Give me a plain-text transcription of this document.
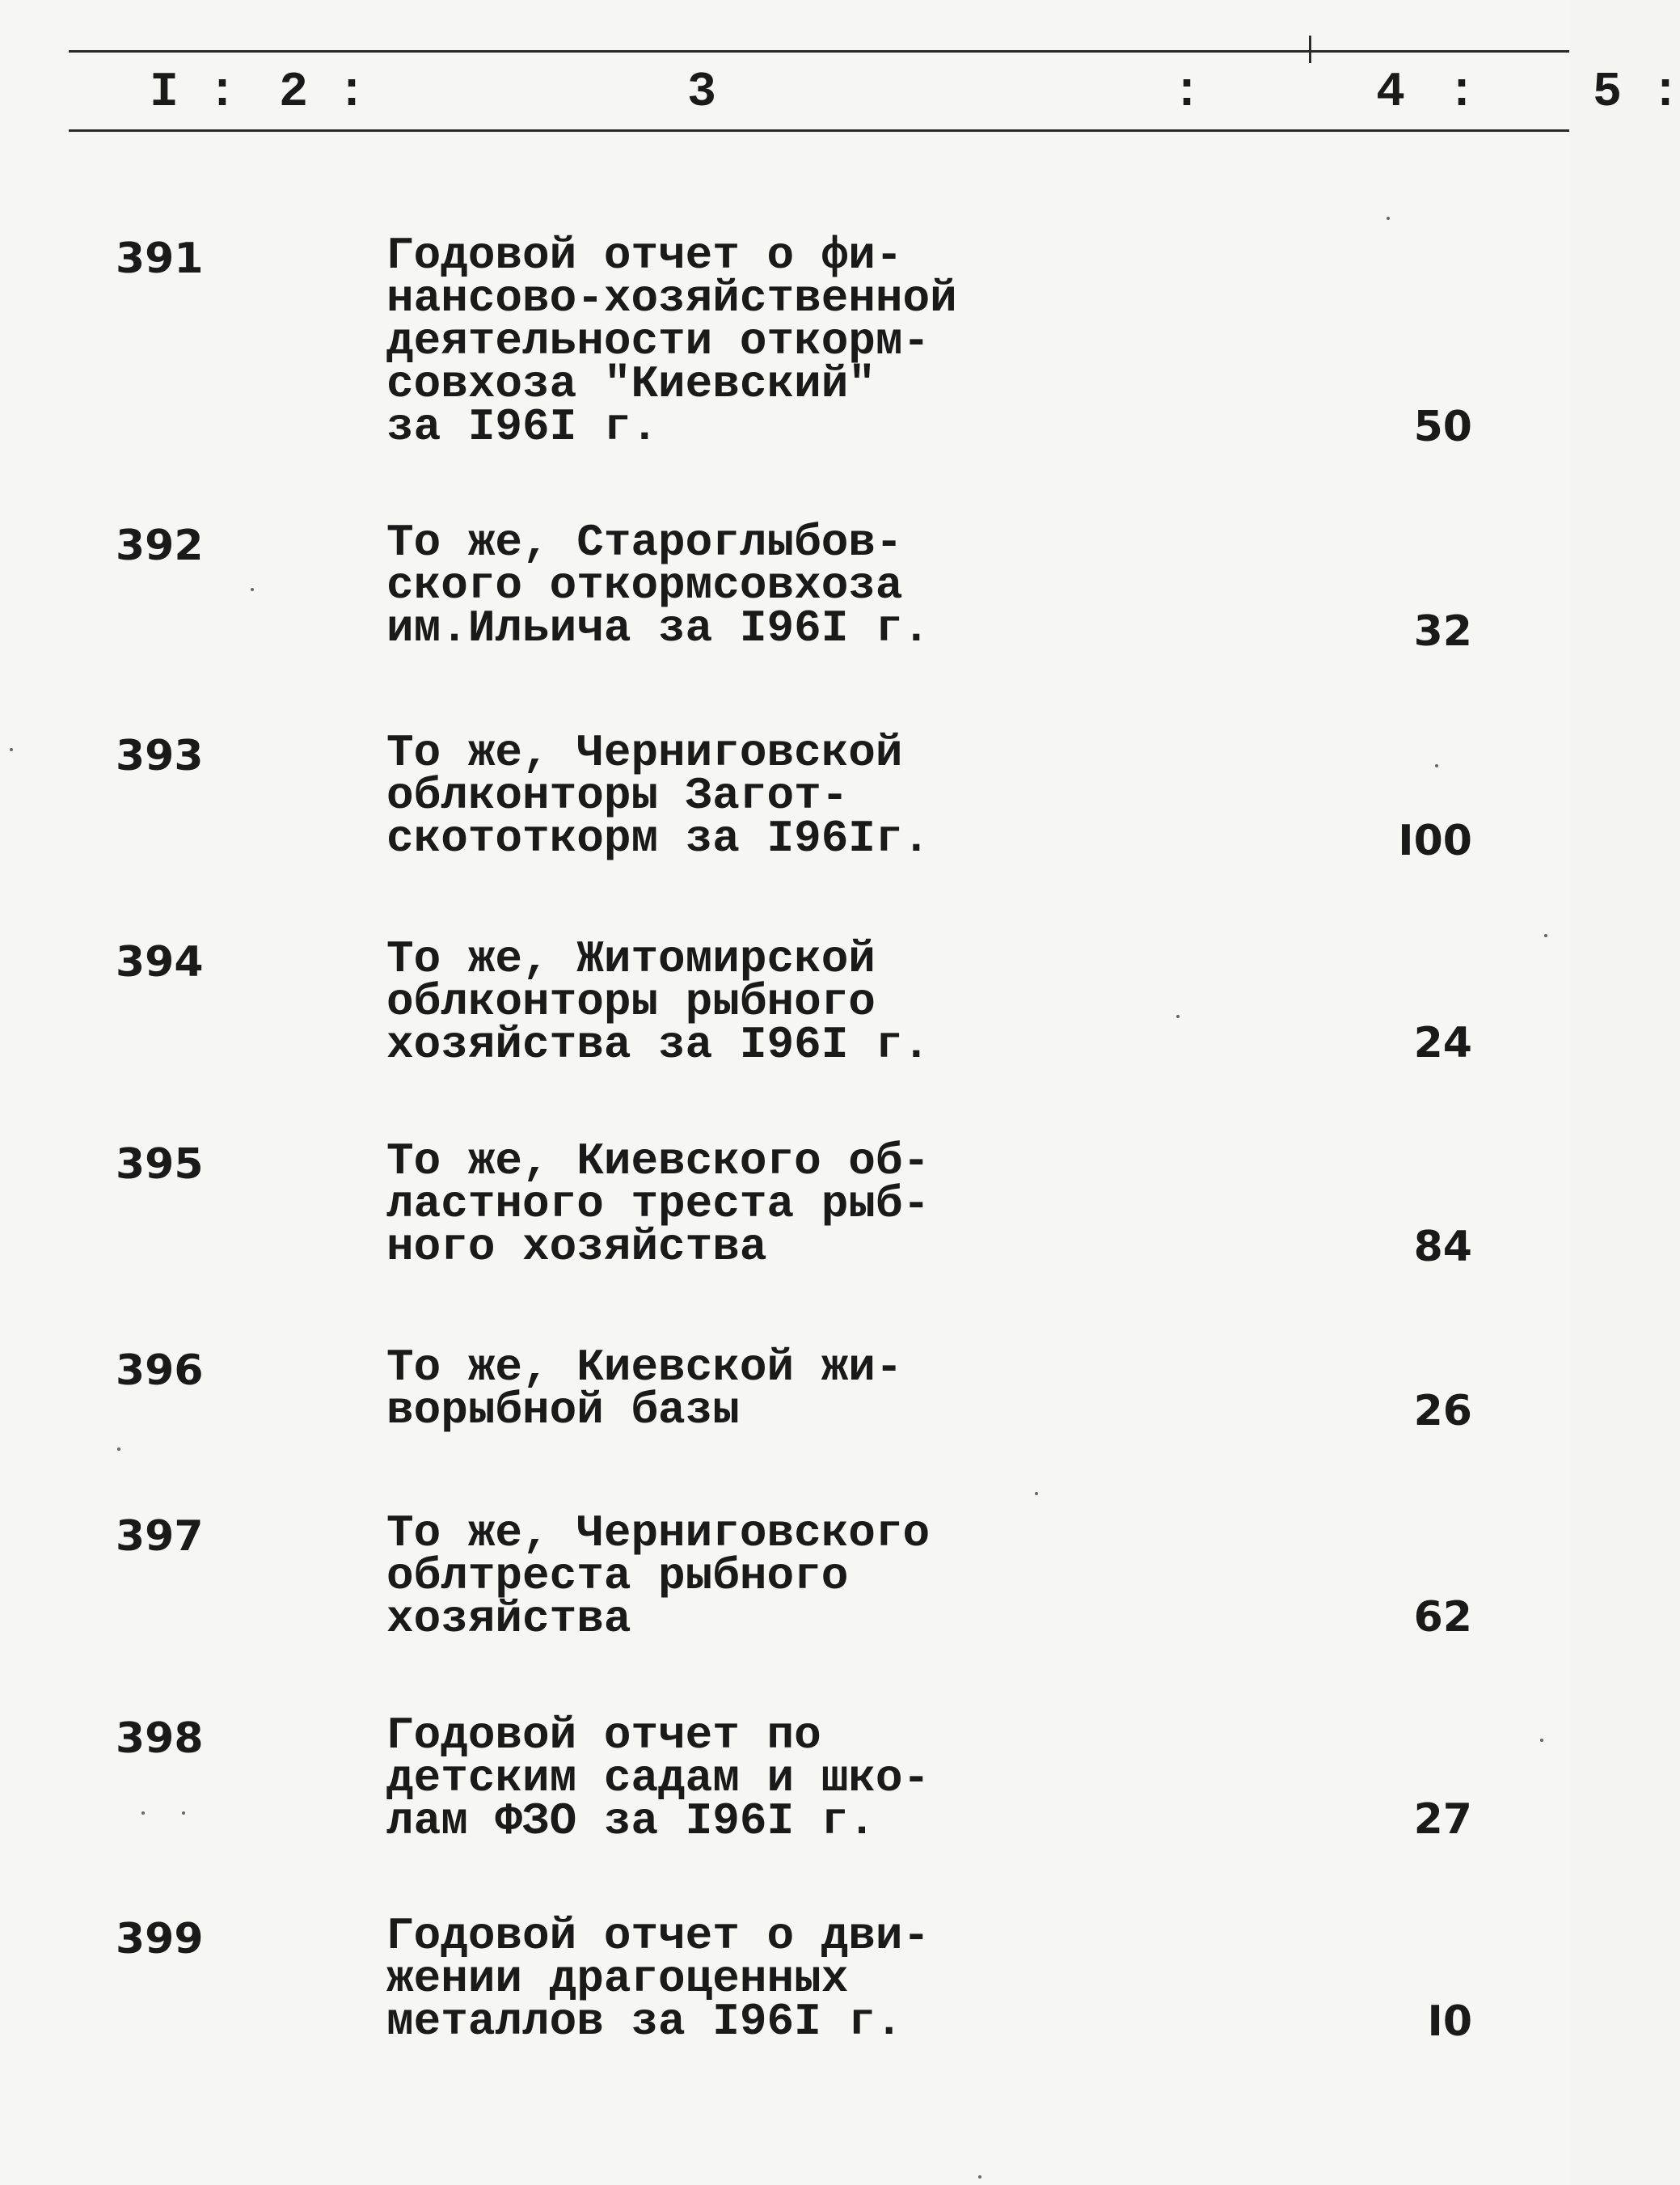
I : 2 :	3	:      4 :    5 :
391	Годовой отчет о фи-
нансово-хозяйственной
деятельности откорм-
совхоза "Киевский"
за I96I г.	50
392	То же, Староглыбов-
ского откормсовхоза
им.Ильича за I96I г.	32
393	То же, Черниговской
облконторы Загот-
скототкорм за I96Iг.	I00
394	То же, Житомирской
облконторы рыбного
хозяйства за I96I г.	24
395	То же, Киевского об-
ластного треста рыб-
ного хозяйства	84
396	То же, Киевской жи-
ворыбной базы	26
397	То же, Черниговского
облтреста рыбного
хозяйства	62
398	Годовой отчет по
детским садам и шко-
лам ФЗО за I96I г.	27
399	Годовой отчет о дви-
жении драгоценных
металлов за I96I г.	I0
